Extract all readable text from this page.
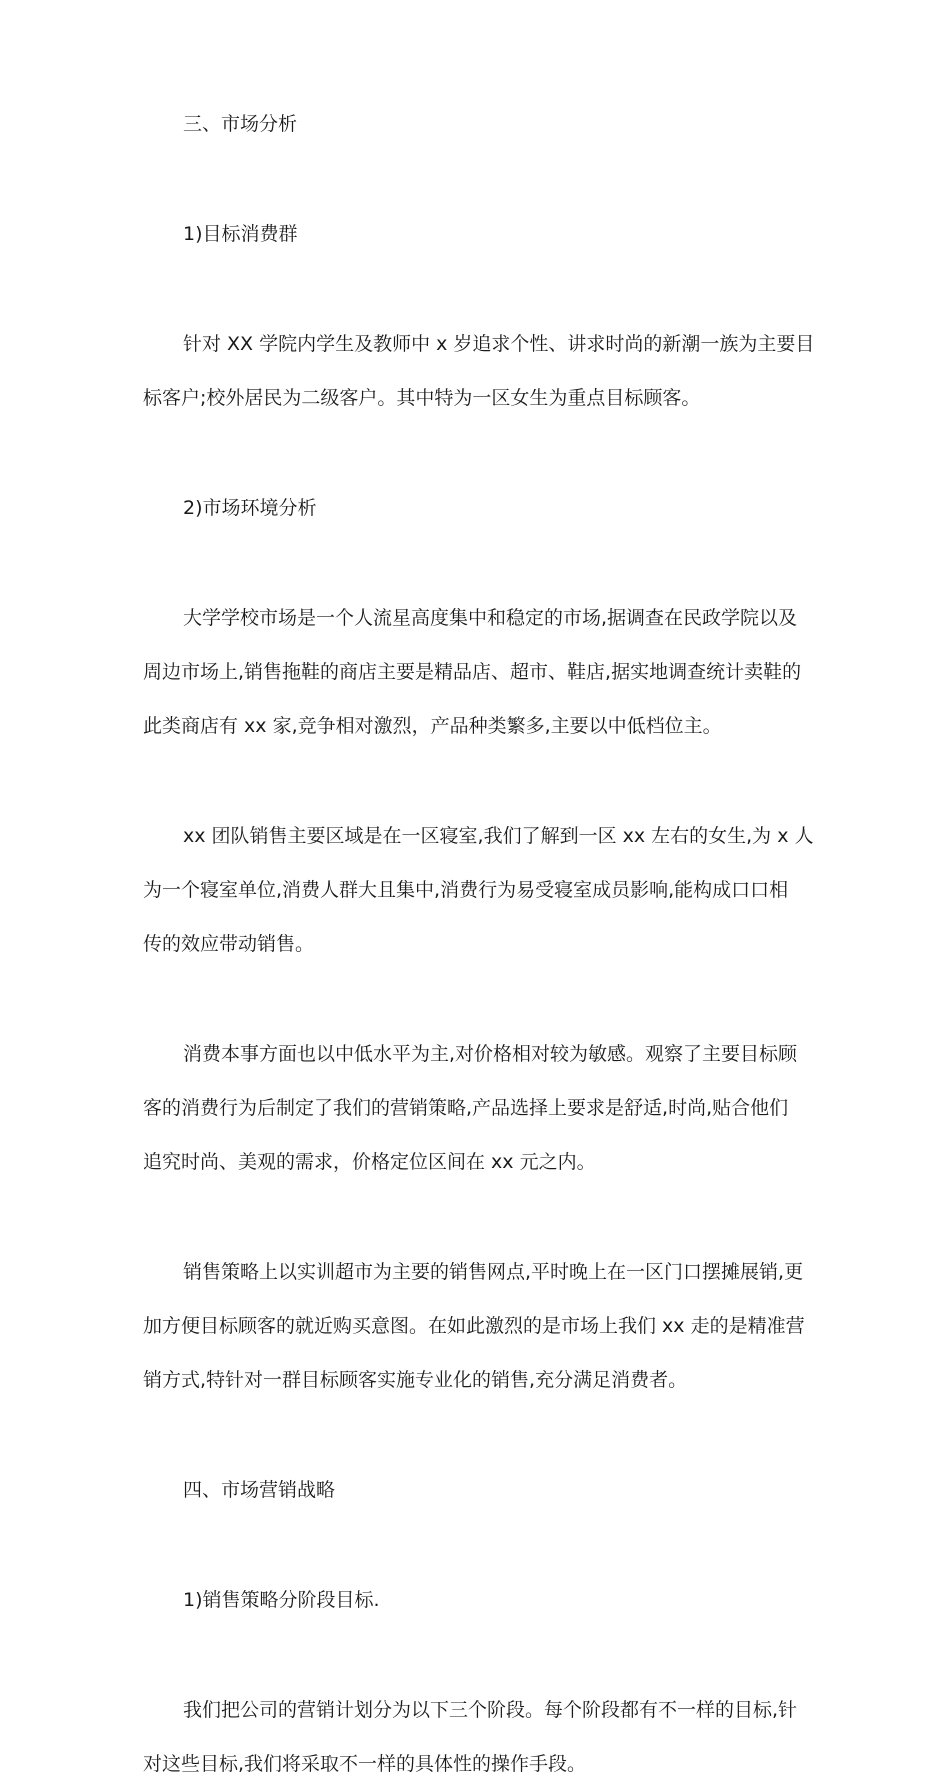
三、市场分析

1)目标消费群

针对 XX 学院内学生及教师中 x 岁追求个性、讲求时尚的新潮一族为主要目
标客户;校外居民为二级客户。其中特为一区女生为重点目标顾客。

2)市场环境分析

大学学校市场是一个人流星高度集中和稳定的市场,据调查在民政学院以及
周边市场上,销售拖鞋的商店主要是精品店、超市、鞋店,据实地调查统计卖鞋的
此类商店有 xx 家,竞争相对激烈，产品种类繁多,主要以中低档位主。

xx 团队销售主要区域是在一区寝室,我们了解到一区 xx 左右的女生,为 x 人
为一个寝室单位,消费人群大且集中,消费行为易受寝室成员影响,能构成口口相
传的效应带动销售。

消费本事方面也以中低水平为主,对价格相对较为敏感。观察了主要目标顾
客的消费行为后制定了我们的营销策略,产品选择上要求是舒适,时尚,贴合他们
追究时尚、美观的需求，价格定位区间在 xx 元之内。

销售策略上以实训超市为主要的销售网点,平时晚上在一区门口摆摊展销,更
加方便目标顾客的就近购买意图。在如此激烈的是市场上我们 xx 走的是精准营
销方式,特针对一群目标顾客实施专业化的销售,充分满足消费者。

四、市场营销战略

1)销售策略分阶段目标.

我们把公司的营销计划分为以下三个阶段。每个阶段都有不一样的目标,针
对这些目标,我们将采取不一样的具体性的操作手段。
